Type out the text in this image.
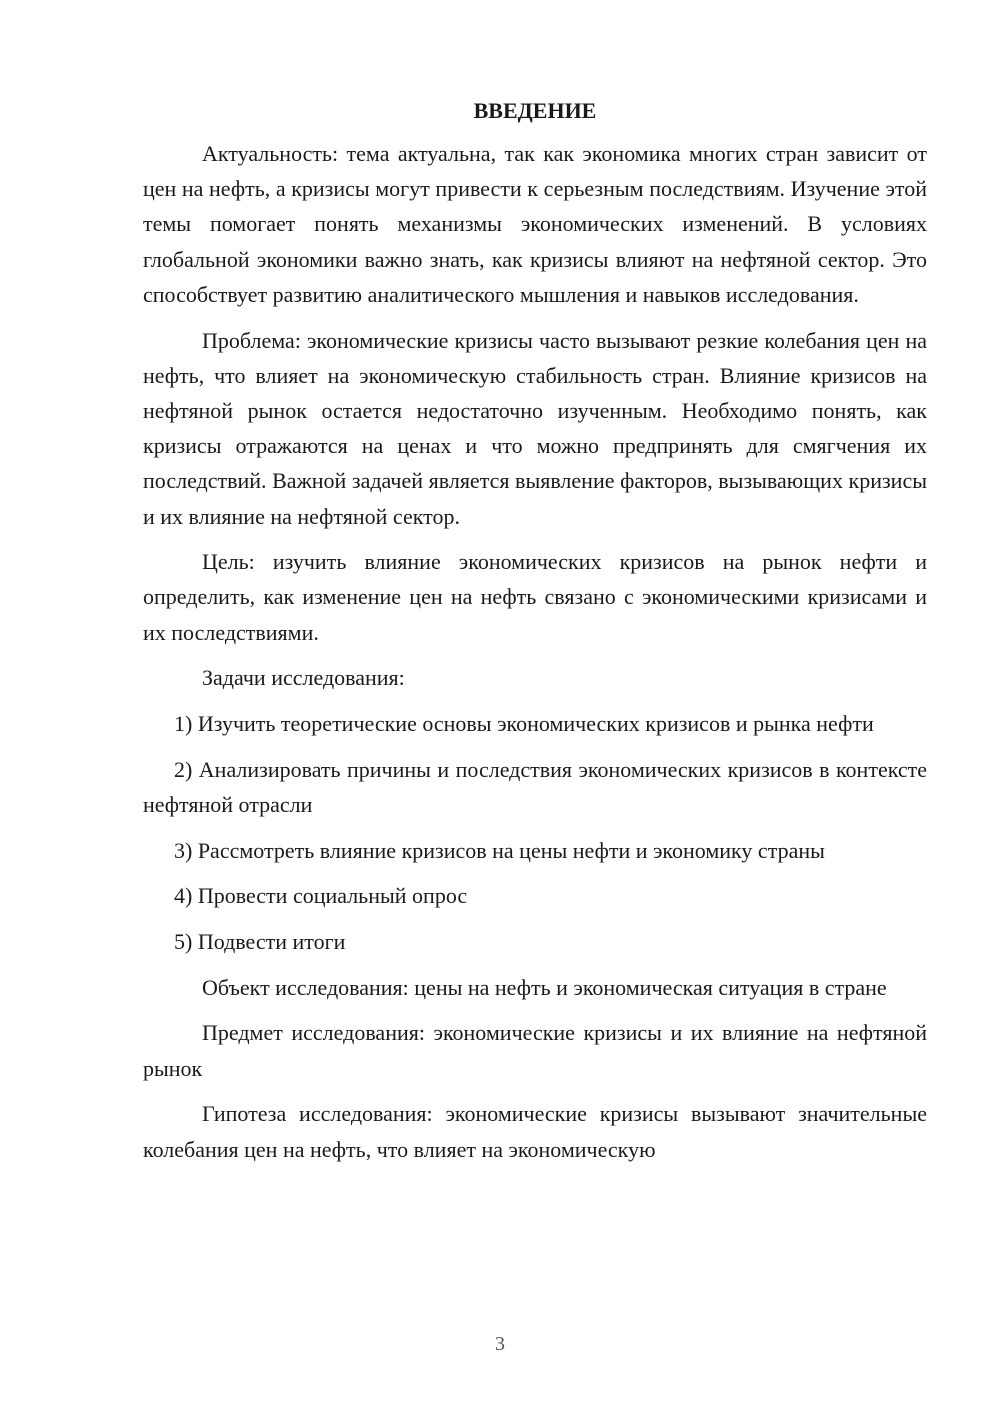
ВВЕДЕНИЕ

Актуальность: тема актуальна, так как экономика многих стран зависит от цен на нефть, а кризисы могут привести к серьезным последствиям. Изучение этой темы помогает понять механизмы экономических изменений. В условиях глобальной экономики важно знать, как кризисы влияют на нефтяной сектор. Это способствует развитию аналитического мышления и навыков исследования.

Проблема: экономические кризисы часто вызывают резкие колебания цен на нефть, что влияет на экономическую стабильность стран. Влияние кризисов на нефтяной рынок остается недостаточно изученным. Необходимо понять, как кризисы отражаются на ценах и что можно предпринять для смягчения их последствий. Важной задачей является выявление факторов, вызывающих кризисы и их влияние на нефтяной сектор.

Цель: изучить влияние экономических кризисов на рынок нефти и определить, как изменение цен на нефть связано с экономическими кризисами и их последствиями.

Задачи исследования:

1) Изучить теоретические основы экономических кризисов и рынка нефти

2) Анализировать причины и последствия экономических кризисов в контексте нефтяной отрасли

3) Рассмотреть влияние кризисов на цены нефти и экономику страны

4) Провести социальный опрос

5) Подвести итоги

Объект исследования: цены на нефть и экономическая ситуация в стране

Предмет исследования: экономические кризисы и их влияние на нефтяной рынок

Гипотеза исследования: экономические кризисы вызывают значительные колебания цен на нефть, что влияет на экономическую

3
